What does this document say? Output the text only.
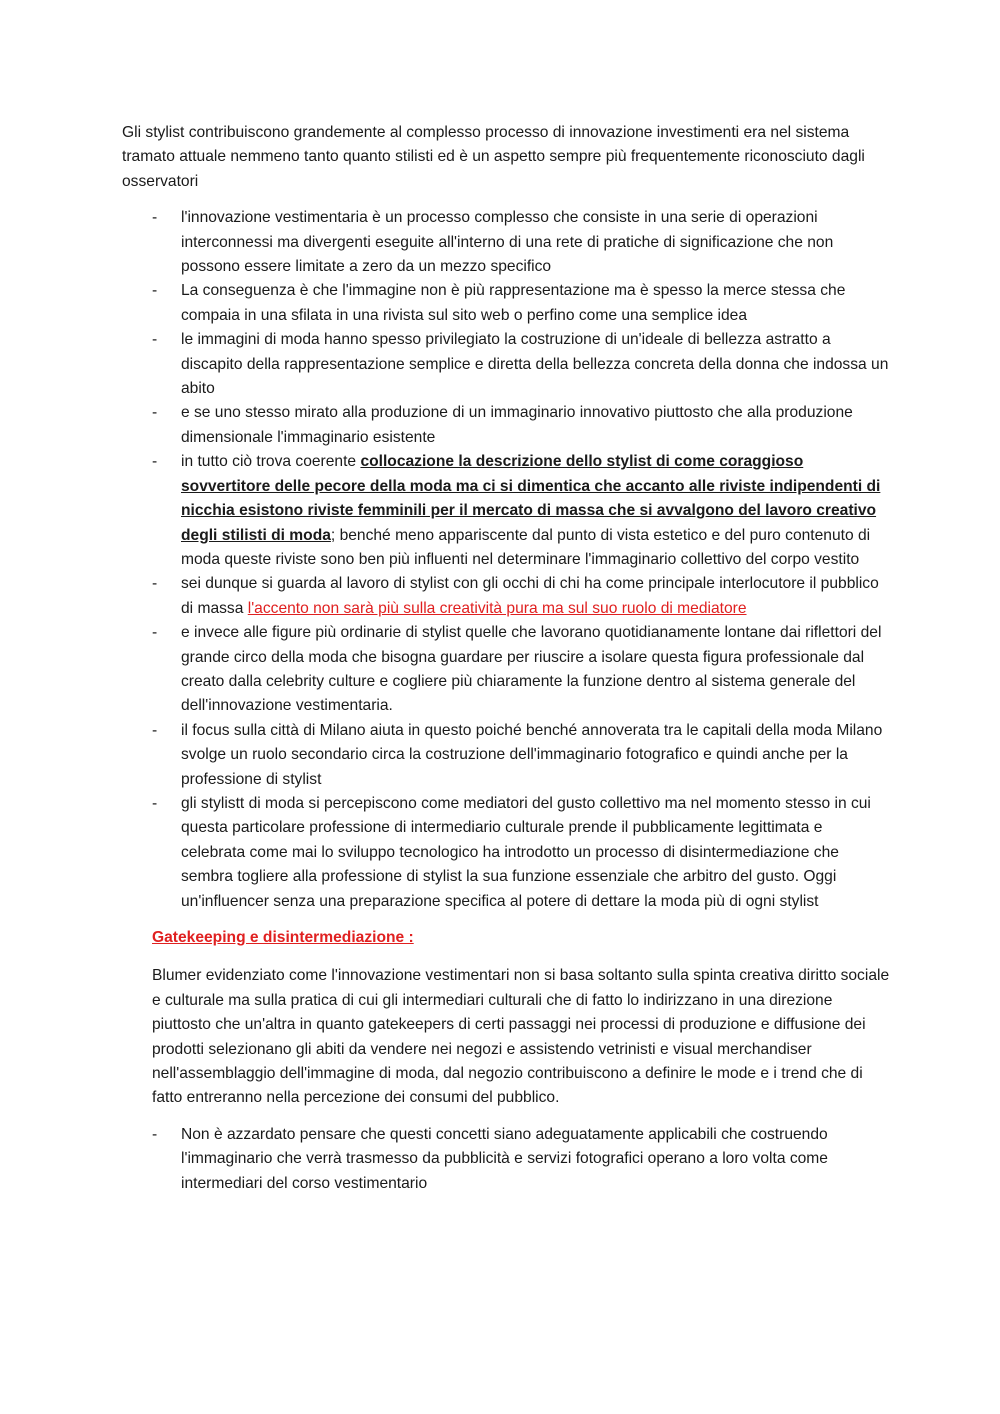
Gli stylist contribuiscono grandemente al complesso processo di innovazione investimenti era nel sistema tramato attuale nemmeno tanto quanto stilisti ed è un aspetto sempre più frequentemente riconosciuto dagli osservatori

- l'innovazione vestimentaria è un processo complesso che consiste in una serie di operazioni interconnessi ma divergenti eseguite all'interno di una rete di pratiche di significazione che non possono essere limitate a zero da un mezzo specifico
- La conseguenza è che l'immagine non è più rappresentazione ma è spesso la merce stessa che compaia in una sfilata in una rivista sul sito web o perfino come una semplice idea
- le immagini di moda hanno spesso privilegiato la costruzione di un'ideale di bellezza astratto a discapito della rappresentazione semplice e diretta della bellezza concreta della donna che indossa un abito
- e se uno stesso mirato alla produzione di un immaginario innovativo piuttosto che alla produzione dimensionale l'immaginario esistente
- in tutto ciò trova coerente collocazione la descrizione dello stylist di come coraggioso sovvertitore delle pecore della moda ma ci si dimentica che accanto alle riviste indipendenti di nicchia esistono riviste femminili per il mercato di massa che si avvalgono del lavoro creativo degli stilisti di moda; benché meno appariscente dal punto di vista estetico e del puro contenuto di moda queste riviste sono ben più influenti nel determinare l'immaginario collettivo del corpo vestito
- sei dunque si guarda al lavoro di stylist con gli occhi di chi ha come principale interlocutore il pubblico di massa l'accento non sarà più sulla creatività pura ma sul suo ruolo di mediatore
- e invece alle figure più ordinarie di stylist quelle che lavorano quotidianamente lontane dai riflettori del grande circo della moda che bisogna guardare per riuscire a isolare questa figura professionale dal creato dalla celebrity culture e cogliere più chiaramente la funzione dentro al sistema generale del dell'innovazione vestimentaria.
- il focus sulla città di Milano aiuta in questo poiché benché annoverata tra le capitali della moda Milano svolge un ruolo secondario circa la costruzione dell'immaginario fotografico e quindi anche per la professione di stylist
- gli stylistt di moda si percepiscono come mediatori del gusto collettivo ma nel momento stesso in cui questa particolare professione di intermediario culturale prende il pubblicamente legittimata e celebrata come mai lo sviluppo tecnologico ha introdotto un processo di disintermediazione che sembra togliere alla professione di stylist la sua funzione essenziale che arbitro del gusto. Oggi un'influencer senza una preparazione specifica al potere di dettare la moda più di ogni stylist
Gatekeeping e disintermediazione :

Blumer evidenziato come l'innovazione vestimentari non si basa soltanto sulla spinta creativa diritto sociale e culturale ma sulla pratica di cui gli intermediari culturali che di fatto lo indirizzano in una direzione piuttosto che un'altra in quanto gatekeepers di certi passaggi nei processi di produzione e diffusione dei prodotti selezionano gli abiti da vendere nei negozi e assistendo vetrinisti e visual merchandiser nell'assemblaggio dell'immagine di moda, dal negozio contribuiscono a definire le mode e i trend che di fatto entreranno nella percezione dei consumi del pubblico.

- Non è azzardato pensare che questi concetti siano adeguatamente applicabili che costruendo l'immaginario che verrà trasmesso da pubblicità e servizi fotografici operano a loro volta come intermediari del corso vestimentario
